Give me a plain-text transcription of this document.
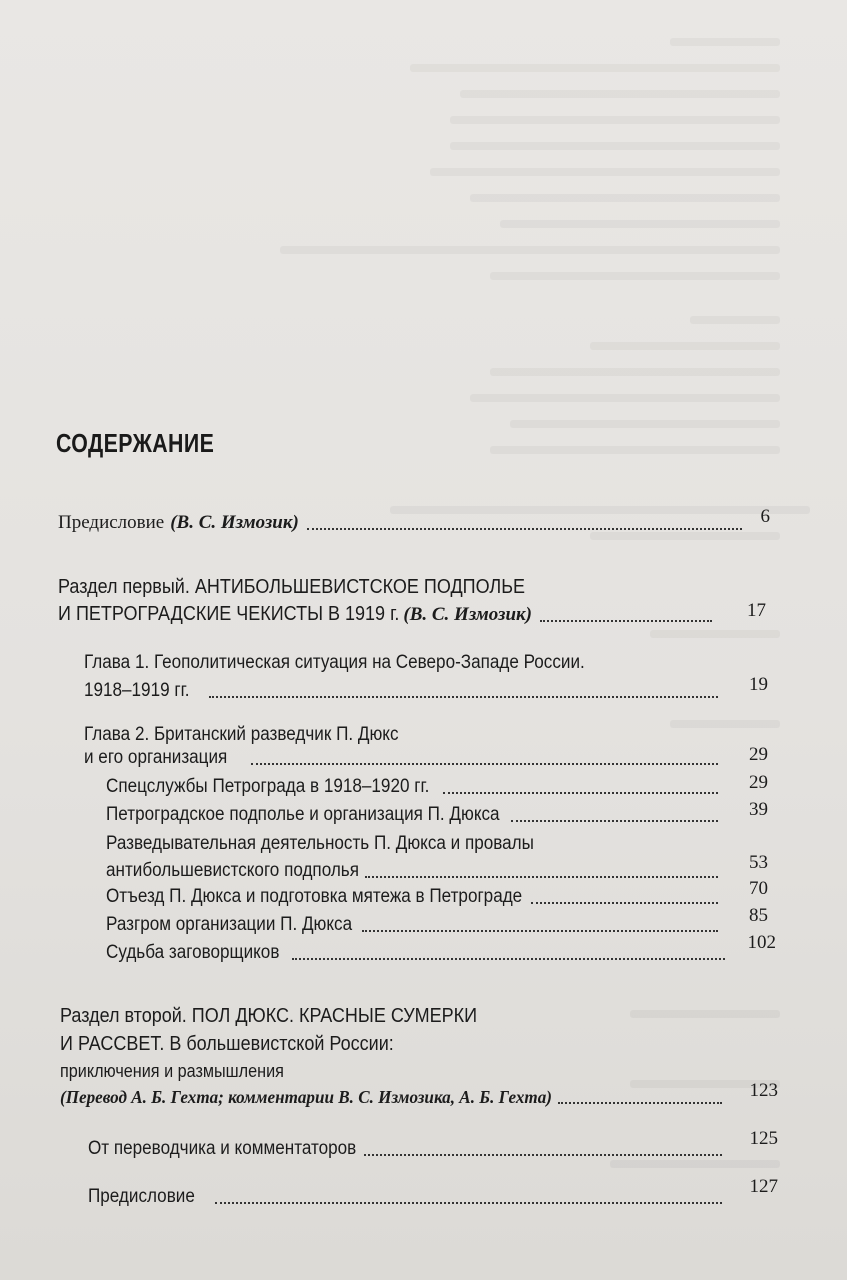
СОДЕРЖАНИЕ
Предисловие (В. С. Измозик)	6
Раздел первый. АНТИБОЛЬШЕВИСТСКОЕ ПОДПОЛЬЕ
И ПЕТРОГРАДСКИЕ ЧЕКИСТЫ В 1919 г. (В. С. Измозик)	17
Глава 1. Геополитическая ситуация на Северо-Западе России.
1918–1919 гг.	19
Глава 2. Британский разведчик П. Дюкс
и его организация	29
Спецслужбы Петрограда в 1918–1920 гг.	29
Петроградское подполье и организация П. Дюкса	39
Разведывательная деятельность П. Дюкса и провалы
антибольшевистского подполья	53
Отъезд П. Дюкса и подготовка мятежа в Петрограде	70
Разгром организации П. Дюкса	85
Судьба заговорщиков	102
Раздел второй. ПОЛ ДЮКС. КРАСНЫЕ СУМЕРКИ
И РАССВЕТ. В большевистской России:
приключения и размышления
(Перевод А. Б. Гехта; комментарии В. С. Измозика, А. Б. Гехта)	123
От переводчика и комментаторов	125
Предисловие	127
